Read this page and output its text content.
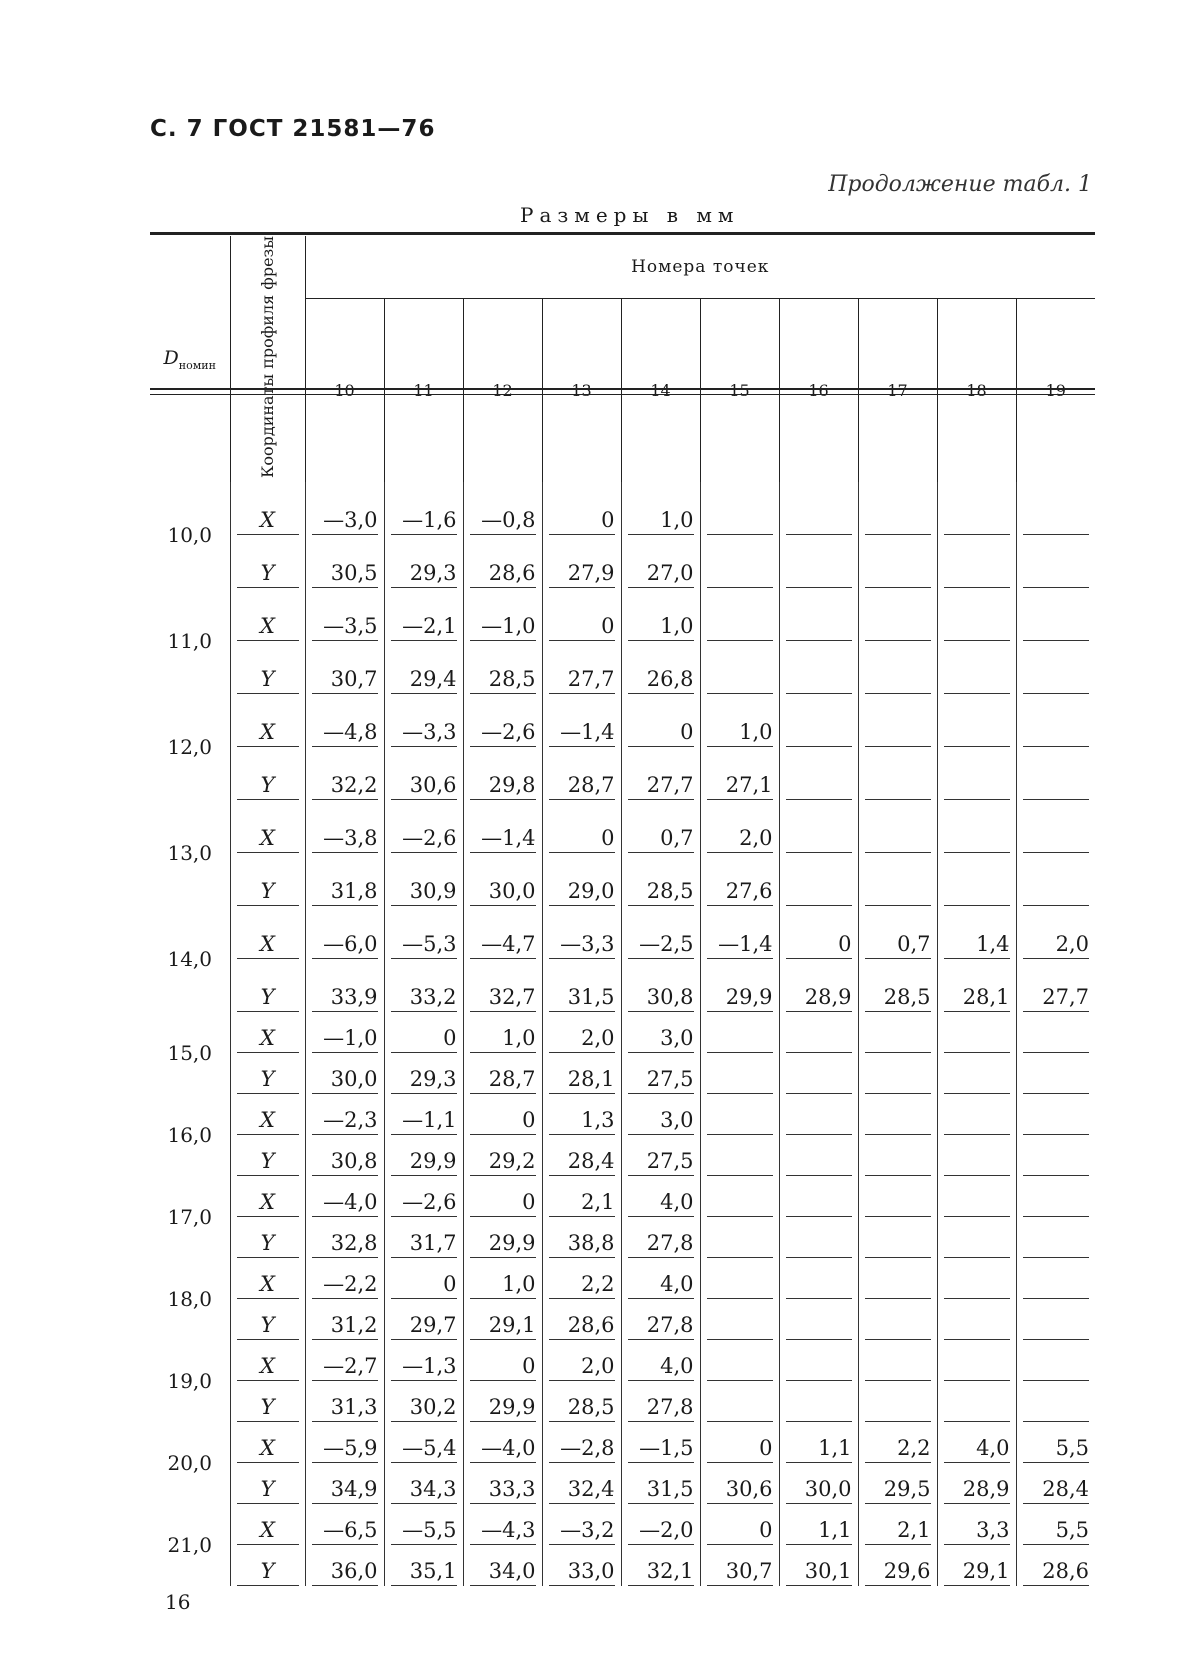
С. 7 ГОСТ 21581—76
Продолжение табл. 1
Размеры в мм
$D_{номин}$	Координаты профиля фрезы	Номера точек									
		10	11	12	13	14	15	16	17	18	19
10,0	X	—3,0	—1,6	—0,8	0	1,0					

	Y	30,5	29,3	28,6	27,9	27,0					

11,0	X	—3,5	—2,1	—1,0	0	1,0					

	Y	30,7	29,4	28,5	27,7	26,8					

12,0	X	—4,8	—3,3	—2,6	—1,4	0	1,0				

	Y	32,2	30,6	29,8	28,7	27,7	27,1				

13,0	X	—3,8	—2,6	—1,4	0	0,7	2,0				

	Y	31,8	30,9	30,0	29,0	28,5	27,6				

14,0	X	—6,0	—5,3	—4,7	—3,3	—2,5	—1,4	0	0,7	1,4	2,0

	Y	33,9	33,2	32,7	31,5	30,8	29,9	28,9	28,5	28,1	27,7

15,0	X	—1,0	0	1,0	2,0	3,0					

	Y	30,0	29,3	28,7	28,1	27,5					

16,0	X	—2,3	—1,1	0	1,3	3,0					

	Y	30,8	29,9	29,2	28,4	27,5					

17,0	X	—4,0	—2,6	0	2,1	4,0					

	Y	32,8	31,7	29,9	38,8	27,8					

18,0	X	—2,2	0	1,0	2,2	4,0					

	Y	31,2	29,7	29,1	28,6	27,8					

19,0	X	—2,7	—1,3	0	2,0	4,0					

	Y	31,3	30,2	29,9	28,5	27,8					

20,0	X	—5,9	—5,4	—4,0	—2,8	—1,5	0	1,1	2,2	4,0	5,5

	Y	34,9	34,3	33,3	32,4	31,5	30,6	30,0	29,5	28,9	28,4

21,0	X	—6,5	—5,5	—4,3	—3,2	—2,0	0	1,1	2,1	3,3	5,5

	Y	36,0	35,1	34,0	33,0	32,1	30,7	30,1	29,6	29,1	28,6
16
